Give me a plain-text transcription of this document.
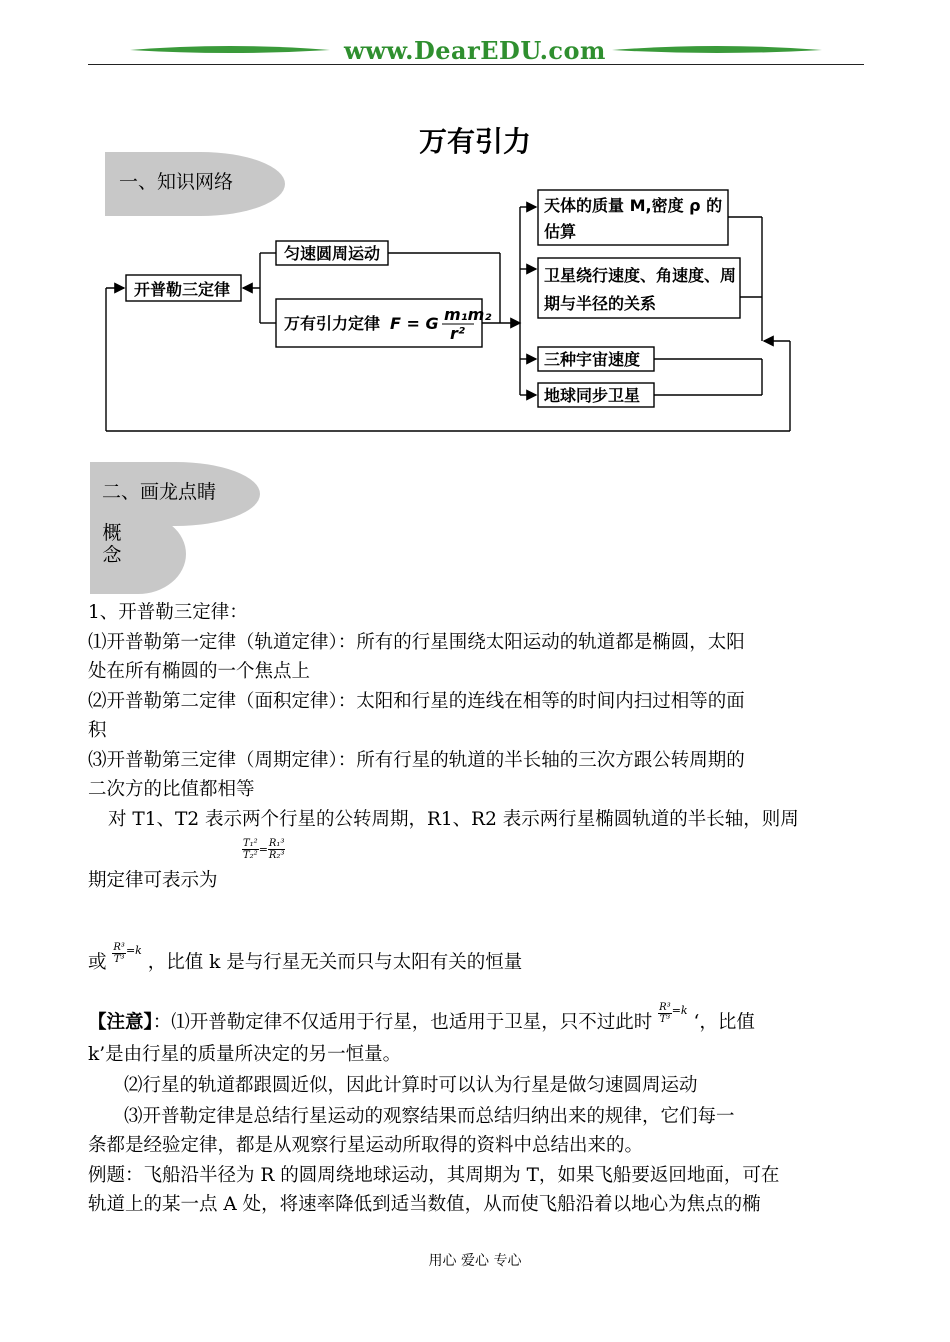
www.DearEDU.com
万有引力
一、知识网络
开普勒三定律
匀速圆周运动
万有引力定律 F = G m₁m₂
r²
天体的质量 M,密度 ρ 的
估算
卫星绕行速度、角速度、周
期与半径的关系
三种宇宙速度
地球同步卫星
二、画龙点睛
概
念
1、开普勒三定律：
⑴开普勒第一定律（轨道定律）：所有的行星围绕太阳运动的轨道都是椭圆，太阳
处在所有椭圆的一个焦点上
⑵开普勒第二定律（面积定律）：太阳和行星的连线在相等的时间内扫过相等的面
积
⑶开普勒第三定律（周期定律）：所有行星的轨道的半长轴的三次方跟公转周期的
二次方的比值都相等
对 T1、T2 表示两个行星的公转周期，R1、R2 表示两行星椭圆轨道的半长轴，则周
期定律可表示为
$\frac{\text{T₁²}}{\text{T₂²}} = \frac{\text{R₁³}}{\text{R₂³}}$
或 $\frac{\text{R³}}{\text{T³}} ^{=k}$ ，比值 k 是与行星无关而只与太阳有关的恒量
【注意】：⑴开普勒定律不仅适用于行星，也适用于卫星，只不过此时 $\frac{\text{R³}}{\text{T³}} ^{=k}$ ‘，比值
k’是由行星的质量所决定的另一恒量。
⑵行星的轨道都跟圆近似，因此计算时可以认为行星是做匀速圆周运动
⑶开普勒定律是总结行星运动的观察结果而总结归纳出来的规律，它们每一
条都是经验定律，都是从观察行星运动所取得的资料中总结出来的。
例题：飞船沿半径为 R 的圆周绕地球运动，其周期为 T，如果飞船要返回地面，可在
轨道上的某一点 A 处，将速率降低到适当数值，从而使飞船沿着以地心为焦点的椭
用心 爱心 专心
